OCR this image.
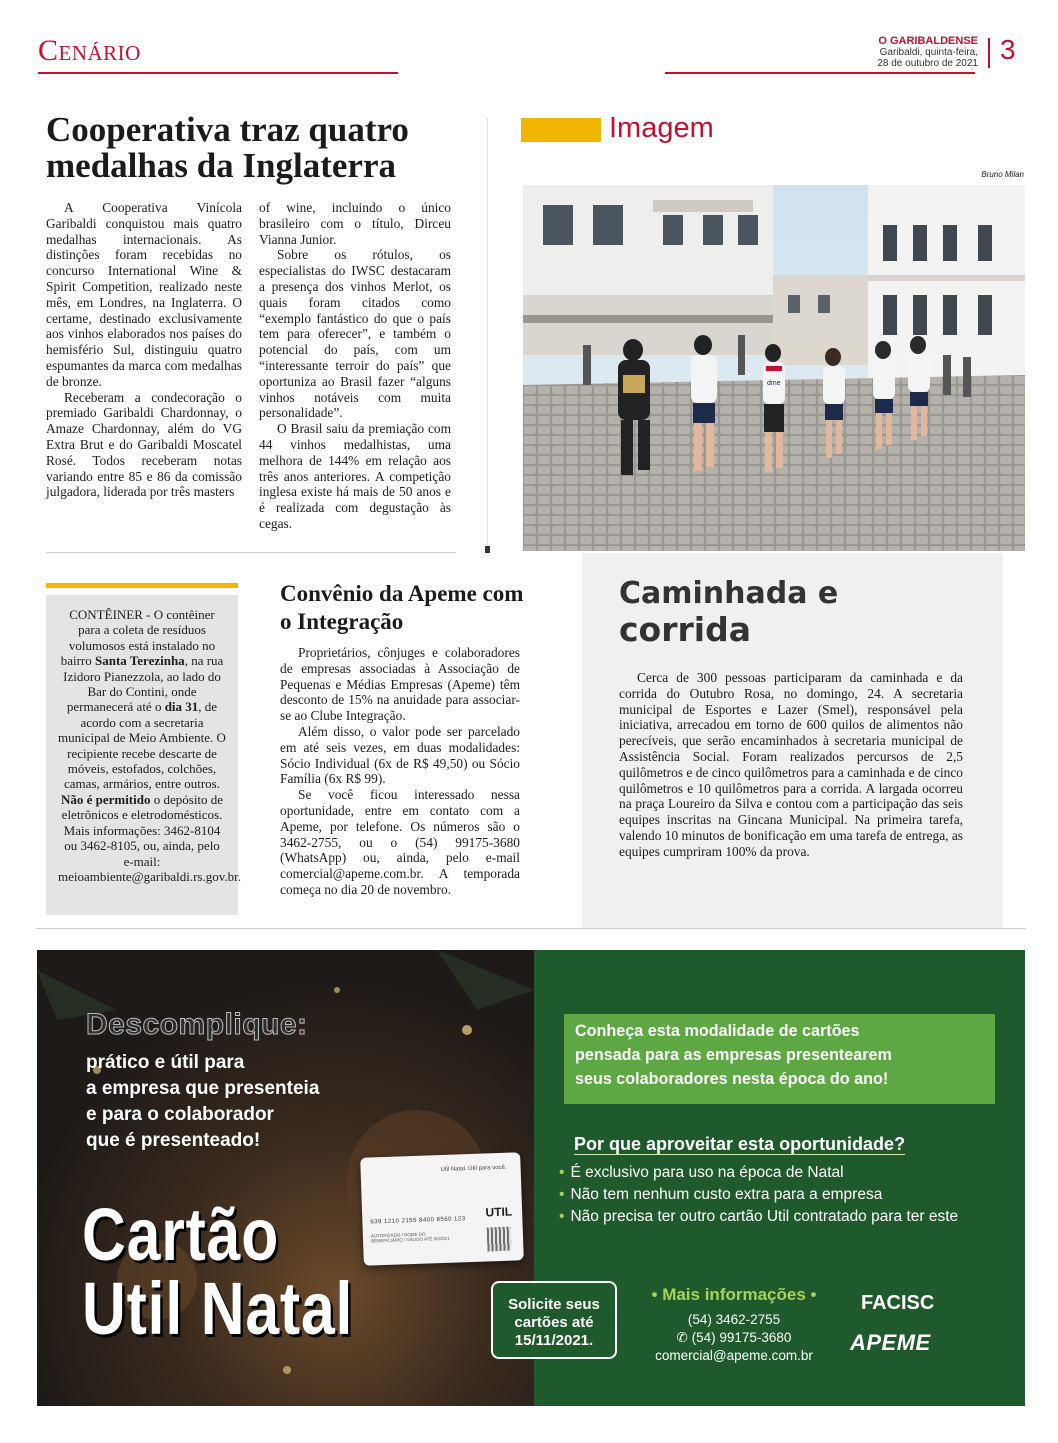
Cenário	O GARIBALDENSE
Garibaldi, quinta-feira,
28 de outubro de 2021 3
Cooperativa traz quatro medalhas da Inglaterra

A Cooperativa Vinícola Garibaldi conquistou mais quatro medalhas internacionais. As distinções foram recebidas no concurso International Wine & Spirit Competition, realizado neste mês, em Londres, na Inglaterra. O certame, destinado exclusivamente aos vinhos elaborados nos países do hemisfério Sul, distinguiu quatro espumantes da marca com medalhas de bronze.

Receberam a condecoração o premiado Garibaldi Chardonnay, o Amaze Chardonnay, além do VG Extra Brut e do Garibaldi Moscatel Rosé. Todos receberam notas variando entre 85 e 86 da comissão julgadora, liderada por três masters

of wine, incluindo o único brasileiro com o título, Dirceu Vianna Junior.

Sobre os rótulos, os especialistas do IWSC destacaram a presença dos vinhos Merlot, os quais foram citados como “exemplo fantástico do que o país tem para oferecer”, e também o potencial do país, com um “interessante terroir do país” que oportuniza ao Brasil fazer “alguns vinhos notáveis com muita personalidade”.

O Brasil saiu da premiação com 44 vinhos medalhistas, uma melhora de 144% em relação aos três anos anteriores. A competição inglesa existe há mais de 50 anos e é realizada com degustação às cegas.

Imagem
Bruno Milan
dme
CONTÊINER - O contêiner para a coleta de resíduos volumosos está instalado no bairro Santa Terezinha, na rua Izidoro Pianezzola, ao lado do Bar do Contini, onde permanecerá até o dia 31, de acordo com a secretaria municipal de Meio Ambiente. O recipiente recebe descarte de móveis, estofados, colchões, camas, armários, entre outros. Não é permitido o depósito de eletrônicos e eletrodomésticos. Mais informações: 3462-8104 ou 3462-8105, ou, ainda, pelo e-mail: meioambiente@garibaldi.rs.gov.br.
Convênio da Apeme com o Integração

Proprietários, cônjuges e colaboradores de empresas associadas à Associação de Pequenas e Médias Empresas (Apeme) têm desconto de 15% na anuidade para associar-se ao Clube Integração.

Além disso, o valor pode ser parcelado em até seis vezes, em duas modalidades: Sócio Individual (6x de R$ 49,50) ou Sócio Família (6x R$ 99).

Se você ficou interessado nessa oportunidade, entre em contato com a Apeme, por telefone. Os números são o 3462-2755, ou o (54) 99175-3680 (WhatsApp) ou, ainda, pelo e-mail comercial@apeme.com.br. A temporada começa no dia 20 de novembro.

Caminhada e
corrida

Cerca de 300 pessoas participaram da caminhada e da corrida do Outubro Rosa, no domingo, 24. A secretaria municipal de Esportes e Lazer (Smel), responsável pela iniciativa, arrecadou em torno de 600 quilos de alimentos não perecíveis, que serão encaminhados à secretaria municipal de Assistência Social. Foram realizados percursos de 2,5 quilômetros e de cinco quilômetros para a caminhada e de cinco quilômetros e 10 quilômetros para a corrida. A largada ocorreu na praça Loureiro da Silva e contou com a participação das seis equipes inscritas na Gincana Municipal. Na primeira tarefa, valendo 10 minutos de bonificação em uma tarefa de entrega, as equipes cumpriram 100% da prova.

Descomplique:
prático e útil para
a empresa que presenteia
e para o colaborador
que é presenteado!
Cartão
Util Natal
Util Natal. Útil para você.
UTIL
639 1210 2155 8400 8560 123
AUTORIZADO / NOME DO BENEFICIÁRIO / VÁLIDO ATÉ 00/2021
Conheça esta modalidade de cartões
pensada para as empresas presentearem
seus colaboradores nesta época do ano!
Por que aproveitar esta oportunidade?
• É exclusivo para uso na época de Natal
• Não tem nenhum custo extra para a empresa
• Não precisa ter outro cartão Util contratado para ter este
Solicite seus
cartões até
15/11/2021.
• Mais informações •
(54) 3462-2755
✆ (54) 99175-3680
comercial@apeme.com.br
FACISC
APEME
